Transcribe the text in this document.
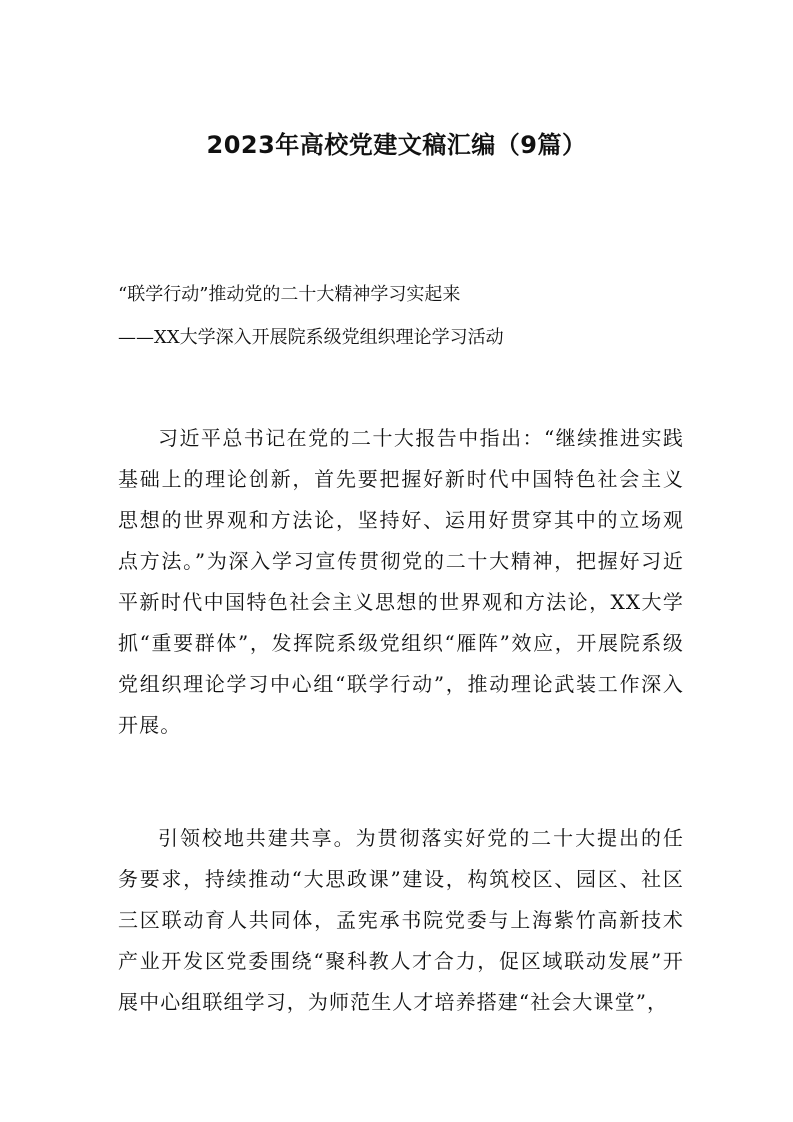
2023年高校党建文稿汇编（9篇）
“联学行动”推动党的二十大精神学习实起来
——XX大学深入开展院系级党组织理论学习活动

习近平总书记在党的二十大报告中指出：“继续推进实践基础上的理论创新，首先要把握好新时代中国特色社会主义思想的世界观和方法论，坚持好、运用好贯穿其中的立场观点方法。”为深入学习宣传贯彻党的二十大精神，把握好习近平新时代中国特色社会主义思想的世界观和方法论，XX大学抓“重要群体”，发挥院系级党组织“雁阵”效应，开展院系级党组织理论学习中心组“联学行动”，推动理论武装工作深入开展。

引领校地共建共享。为贯彻落实好党的二十大提出的任务要求，持续推动“大思政课”建设，构筑校区、园区、社区三区联动育人共同体，孟宪承书院党委与上海紫竹高新技术产业开发区党委围绕“聚科教人才合力，促区域联动发展”开展中心组联组学习，为师范生人才培养搭建“社会大课堂”，
